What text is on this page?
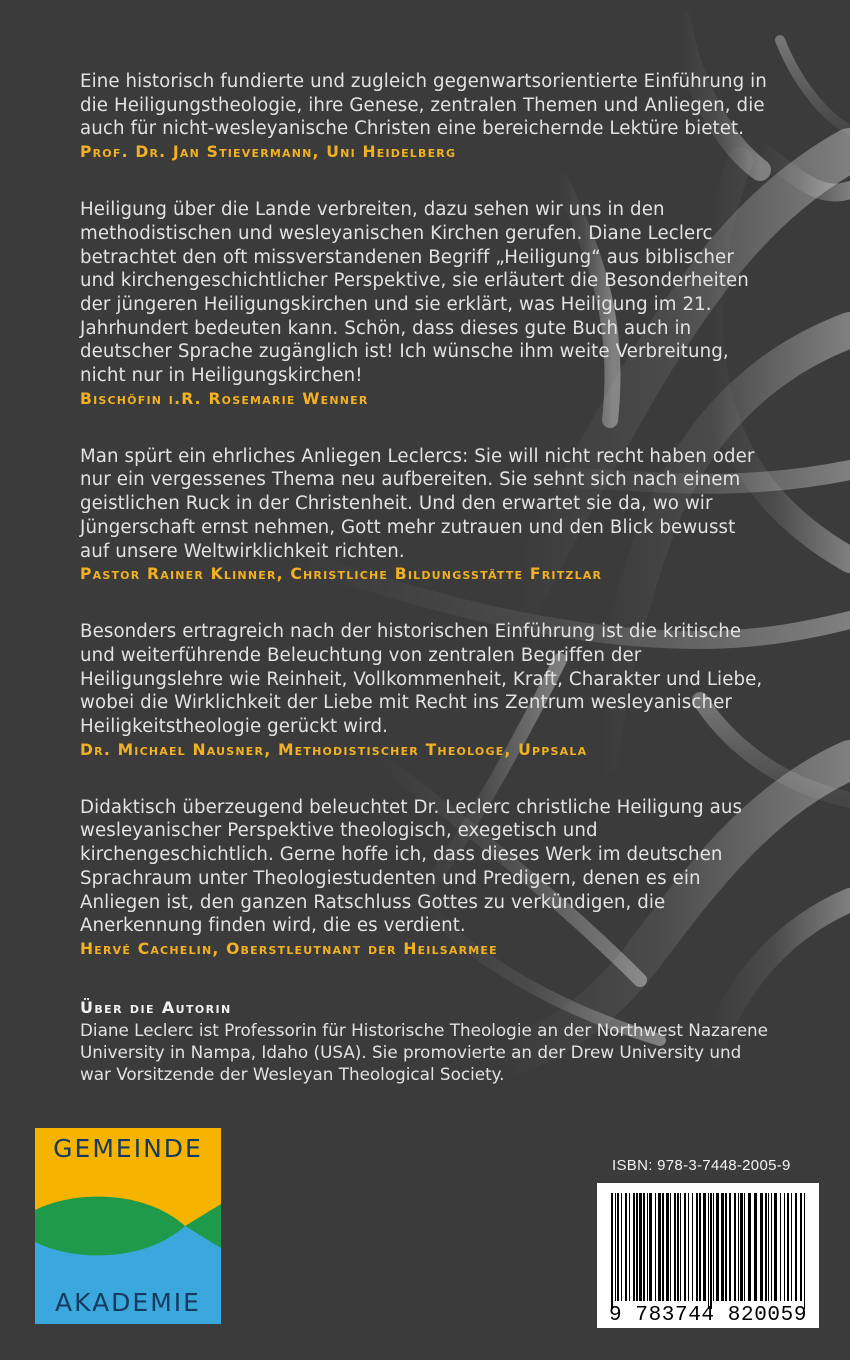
Eine historisch fundierte und zugleich gegenwartsorientierte Einführung in die Heiligungstheologie, ihre Genese, zentralen Themen und Anliegen, die auch für nicht-wesleyanische Christen eine bereichernde Lektüre bietet.
Prof. Dr. Jan Stievermann, Uni Heidelberg
Heiligung über die Lande verbreiten, dazu sehen wir uns in den methodistischen und wesleyanischen Kirchen gerufen. Diane Leclerc betrachtet den oft missverstandenen Begriff „Heiligung“ aus biblischer und kirchengeschichtlicher Perspektive, sie erläutert die Besonderheiten der jüngeren Heiligungskirchen und sie erklärt, was Heiligung im 21. Jahrhundert bedeuten kann. Schön, dass dieses gute Buch auch in deutscher Sprache zugänglich ist! Ich wünsche ihm weite Verbreitung, nicht nur in Heiligungskirchen!
Bischöfin i.R. Rosemarie Wenner
Man spürt ein ehrliches Anliegen Leclercs: Sie will nicht recht haben oder nur ein vergessenes Thema neu aufbereiten. Sie sehnt sich nach einem geistlichen Ruck in der Christenheit. Und den erwartet sie da, wo wir Jüngerschaft ernst nehmen, Gott mehr zutrauen und den Blick bewusst auf unsere Weltwirklichkeit richten.
Pastor Rainer Klinner, Christliche Bildungsstätte Fritzlar
Besonders ertragreich nach der historischen Einführung ist die kritische und weiterführende Beleuchtung von zentralen Begriffen der Heiligungslehre wie Reinheit, Vollkommenheit, Kraft, Charakter und Liebe, wobei die Wirklichkeit der Liebe mit Recht ins Zentrum wesleyanischer Heiligkeitstheologie gerückt wird.
Dr. Michael Nausner, Methodistischer Theologe, Uppsala
Didaktisch überzeugend beleuchtet Dr. Leclerc christliche Heiligung aus wesleyanischer Perspektive theologisch, exegetisch und kirchengeschichtlich. Gerne hoffe ich, dass dieses Werk im deutschen Sprachraum unter Theologiestudenten und Predigern, denen es ein Anliegen ist, den ganzen Ratschluss Gottes zu verkündigen, die Anerkennung finden wird, die es verdient.
Hervé Cachelin, Oberstleutnant der Heilsarmee
Über die Autorin
Diane Leclerc ist Professorin für Historische Theologie an der Northwest Nazarene University in Nampa, Idaho (USA). Sie promovierte an der Drew University und war Vorsitzende der Wesleyan Theological Society.
GEMEINDE
AKADEMIE
ISBN: 978-3-7448-2005-9
9 783744 820059
